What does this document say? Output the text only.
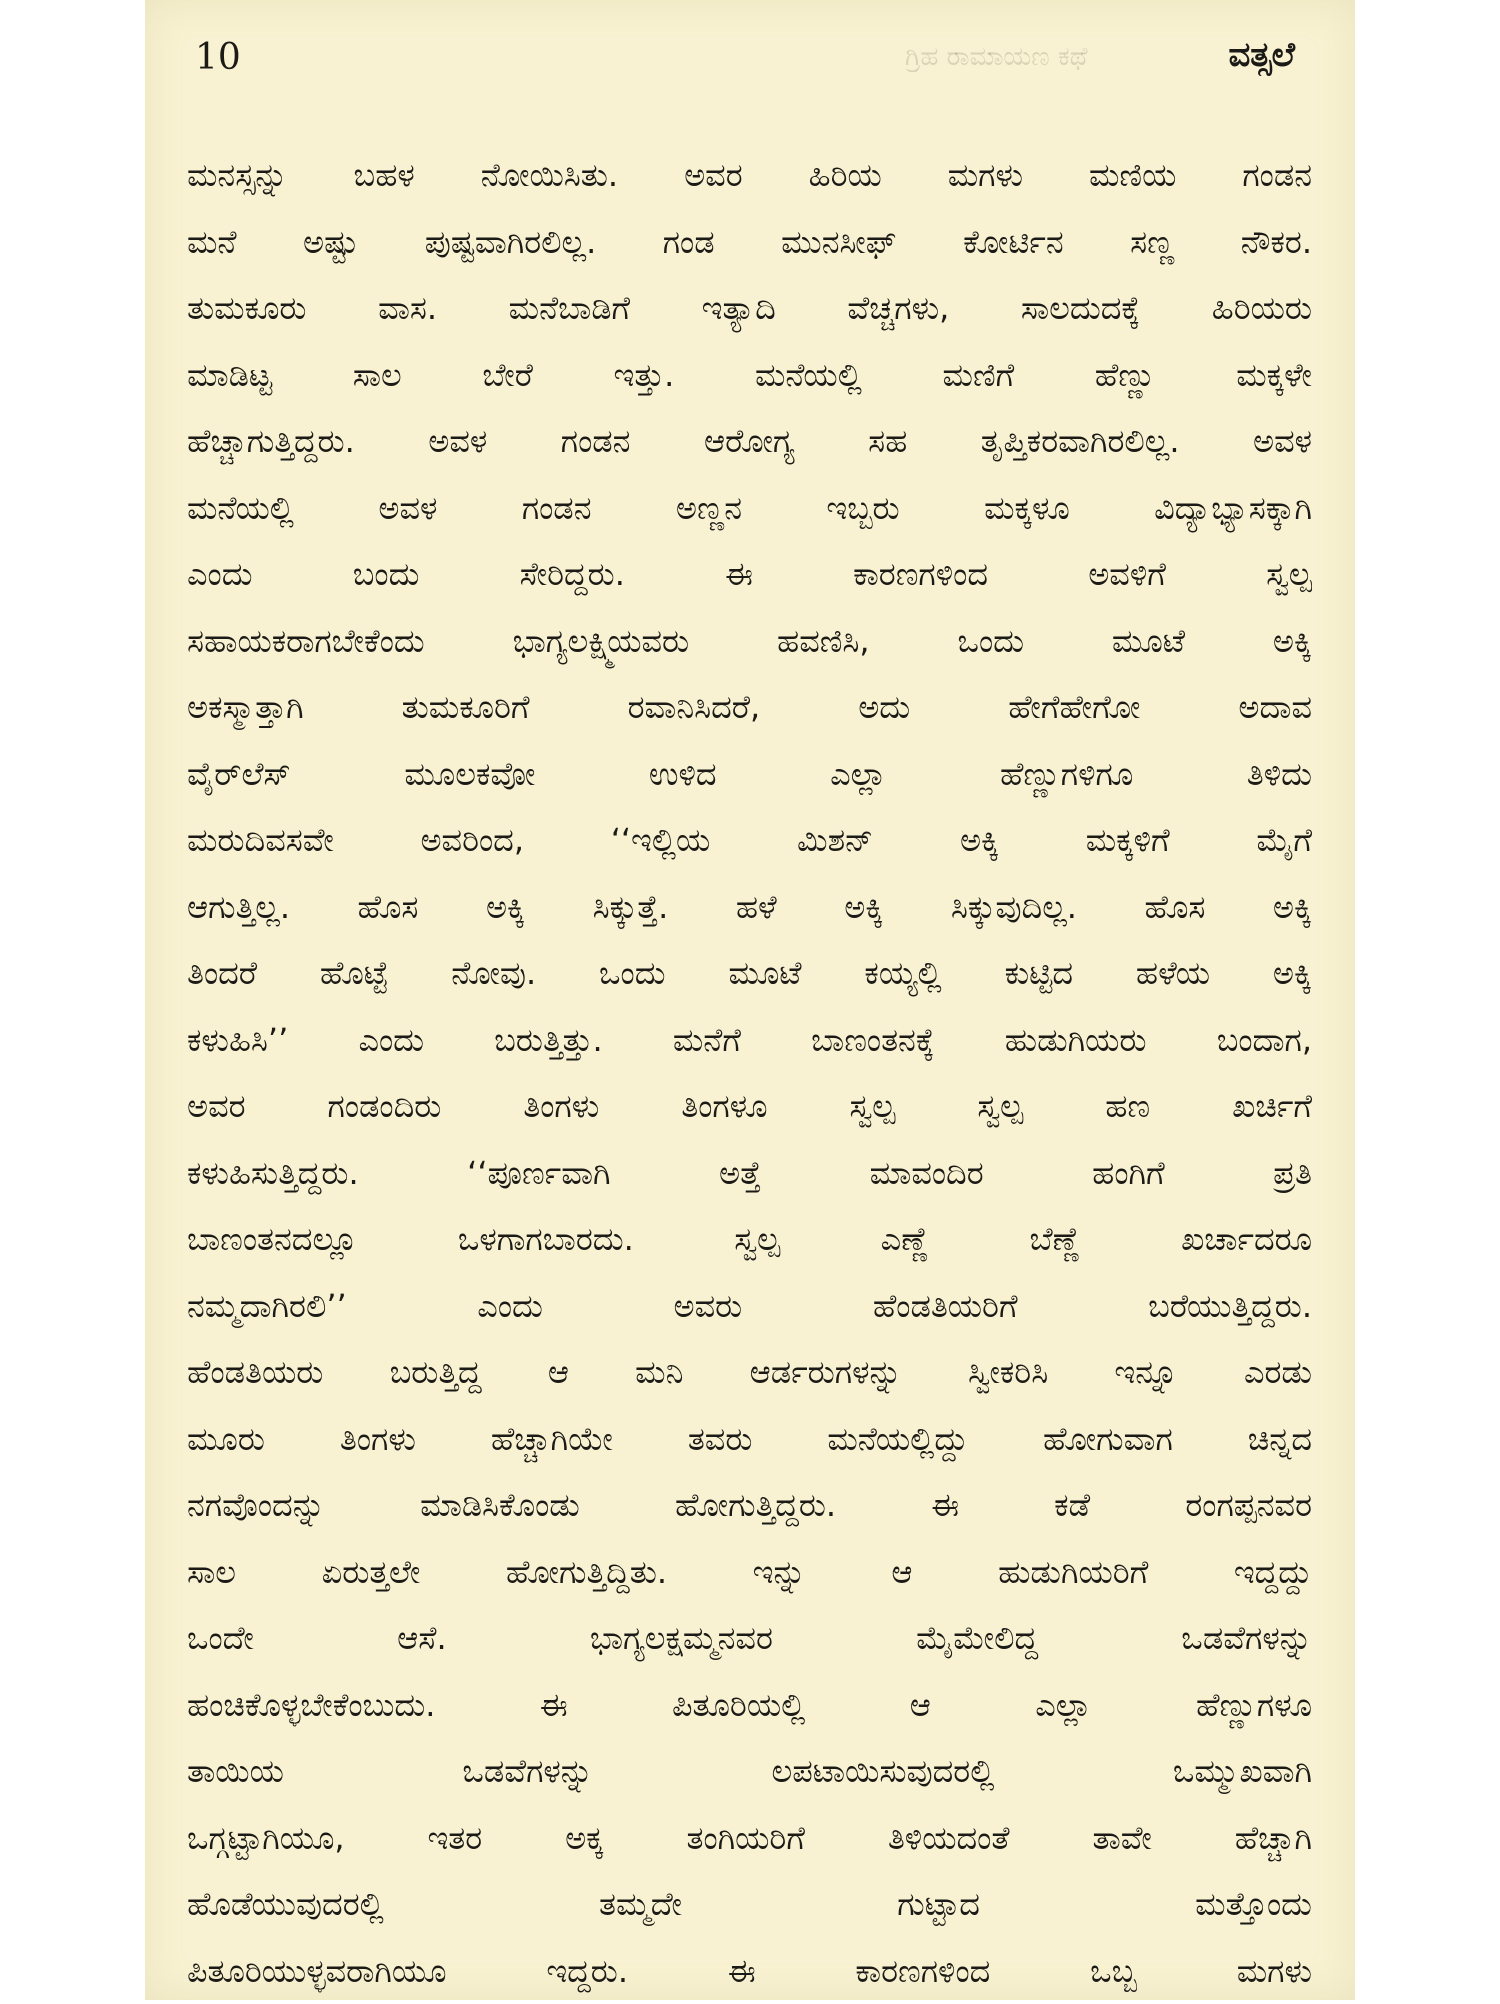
10	ಗ್ರಿಹ ರಾಮಾಯಣ ಕಥೆ	ವತ್ಸಲೆ
ಮನಸ್ಸನ್ನು ಬಹಳ ನೋಯಿಸಿತು. ಅವರ ಹಿರಿಯ ಮಗಳು ಮಣಿಯ ಗಂಡನ
ಮನೆ ಅಷ್ಟು ಪುಷ್ಟವಾಗಿರಲಿಲ್ಲ. ಗಂಡ ಮುನಸೀಫ್ ಕೋರ್ಟಿನ ಸಣ್ಣ ನೌಕರ.
ತುಮಕೂರು ವಾಸ. ಮನೆಬಾಡಿಗೆ ಇತ್ಯಾದಿ ವೆಚ್ಚಗಳು, ಸಾಲದುದಕ್ಕೆ ಹಿರಿಯರು
ಮಾಡಿಟ್ಟ ಸಾಲ ಬೇರೆ ಇತ್ತು. ಮನೆಯಲ್ಲಿ ಮಣಿಗೆ ಹೆಣ್ಣು ಮಕ್ಕಳೇ
ಹೆಚ್ಚಾಗುತ್ತಿದ್ದರು. ಅವಳ ಗಂಡನ ಆರೋಗ್ಯ ಸಹ ತೃಪ್ತಿಕರವಾಗಿರಲಿಲ್ಲ. ಅವಳ
ಮನೆಯಲ್ಲಿ ಅವಳ ಗಂಡನ ಅಣ್ಣನ ಇಬ್ಬರು ಮಕ್ಕಳೂ ವಿದ್ಯಾಭ್ಯಾಸಕ್ಕಾಗಿ
ಎಂದು ಬಂದು ಸೇರಿದ್ದರು. ಈ ಕಾರಣಗಳಿಂದ ಅವಳಿಗೆ ಸ್ವಲ್ಪ
ಸಹಾಯಕರಾಗಬೇಕೆಂದು ಭಾಗ್ಯಲಕ್ಷ್ಮಿಯವರು ಹವಣಿಸಿ, ಒಂದು ಮೂಟೆ ಅಕ್ಕಿ
ಅಕಸ್ಮಾತ್ತಾಗಿ ತುಮಕೂರಿಗೆ ರವಾನಿಸಿದರೆ, ಅದು ಹೇಗೆಹೇಗೋ ಅದಾವ
ವೈರ್‌ಲೆಸ್ ಮೂಲಕವೋ ಉಳಿದ ಎಲ್ಲಾ ಹೆಣ್ಣುಗಳಿಗೂ ತಿಳಿದು
ಮರುದಿವಸವೇ ಅವರಿಂದ, ‘‘ಇಲ್ಲಿಯ ಮಿಶನ್ ಅಕ್ಕಿ ಮಕ್ಕಳಿಗೆ ಮೈಗೆ
ಆಗುತ್ತಿಲ್ಲ. ಹೊಸ ಅಕ್ಕಿ ಸಿಕ್ಕುತ್ತೆ. ಹಳೆ ಅಕ್ಕಿ ಸಿಕ್ಕುವುದಿಲ್ಲ. ಹೊಸ ಅಕ್ಕಿ
ತಿಂದರೆ ಹೊಟ್ಟೆ ನೋವು. ಒಂದು ಮೂಟೆ ಕಯ್ಯಲ್ಲಿ ಕುಟ್ಟಿದ ಹಳೆಯ ಅಕ್ಕಿ
ಕಳುಹಿಸಿ’’ ಎಂದು ಬರುತ್ತಿತ್ತು. ಮನೆಗೆ ಬಾಣಂತನಕ್ಕೆ ಹುಡುಗಿಯರು ಬಂದಾಗ,
ಅವರ ಗಂಡಂದಿರು ತಿಂಗಳು ತಿಂಗಳೂ ಸ್ವಲ್ಪ ಸ್ವಲ್ಪ ಹಣ ಖರ್ಚಿಗೆ
ಕಳುಹಿಸುತ್ತಿದ್ದರು. ‘‘ಪೂರ್ಣವಾಗಿ ಅತ್ತೆ ಮಾವಂದಿರ ಹಂಗಿಗೆ ಪ್ರತಿ
ಬಾಣಂತನದಲ್ಲೂ ಒಳಗಾಗಬಾರದು. ಸ್ವಲ್ಪ ಎಣ್ಣೆ ಬೆಣ್ಣೆ ಖರ್ಚಾದರೂ
ನಮ್ಮದಾಗಿರಲಿ’’ ಎಂದು ಅವರು ಹೆಂಡತಿಯರಿಗೆ ಬರೆಯುತ್ತಿದ್ದರು.
ಹೆಂಡತಿಯರು ಬರುತ್ತಿದ್ದ ಆ ಮನಿ ಆರ್ಡರುಗಳನ್ನು ಸ್ವೀಕರಿಸಿ ಇನ್ನೂ ಎರಡು
ಮೂರು ತಿಂಗಳು ಹೆಚ್ಚಾಗಿಯೇ ತವರು ಮನೆಯಲ್ಲಿದ್ದು ಹೋಗುವಾಗ ಚಿನ್ನದ
ನಗವೊಂದನ್ನು ಮಾಡಿಸಿಕೊಂಡು ಹೋಗುತ್ತಿದ್ದರು. ಈ ಕಡೆ ರಂಗಪ್ಪನವರ
ಸಾಲ ಏರುತ್ತಲೇ ಹೋಗುತ್ತಿದ್ದಿತು. ಇನ್ನು ಆ ಹುಡುಗಿಯರಿಗೆ ಇದ್ದದ್ದು
ಒಂದೇ ಆಸೆ. ಭಾಗ್ಯಲಕ್ಷಮ್ಮನವರ ಮೈಮೇಲಿದ್ದ ಒಡವೆಗಳನ್ನು
ಹಂಚಿಕೊಳ್ಳಬೇಕೆಂಬುದು. ಈ ಪಿತೂರಿಯಲ್ಲಿ ಆ ಎಲ್ಲಾ ಹೆಣ್ಣುಗಳೂ
ತಾಯಿಯ ಒಡವೆಗಳನ್ನು ಲಪಟಾಯಿಸುವುದರಲ್ಲಿ ಒಮ್ಮುಖವಾಗಿ
ಒಗ್ಗಟ್ಟಾಗಿಯೂ, ಇತರ ಅಕ್ಕ ತಂಗಿಯರಿಗೆ ತಿಳಿಯದಂತೆ ತಾವೇ ಹೆಚ್ಚಾಗಿ
ಹೊಡೆಯುವುದರಲ್ಲಿ ತಮ್ಮದೇ ಗುಟ್ಟಾದ ಮತ್ತೊಂದು
ಪಿತೂರಿಯುಳ್ಳವರಾಗಿಯೂ ಇದ್ದರು. ಈ ಕಾರಣಗಳಿಂದ ಒಬ್ಬ ಮಗಳು
